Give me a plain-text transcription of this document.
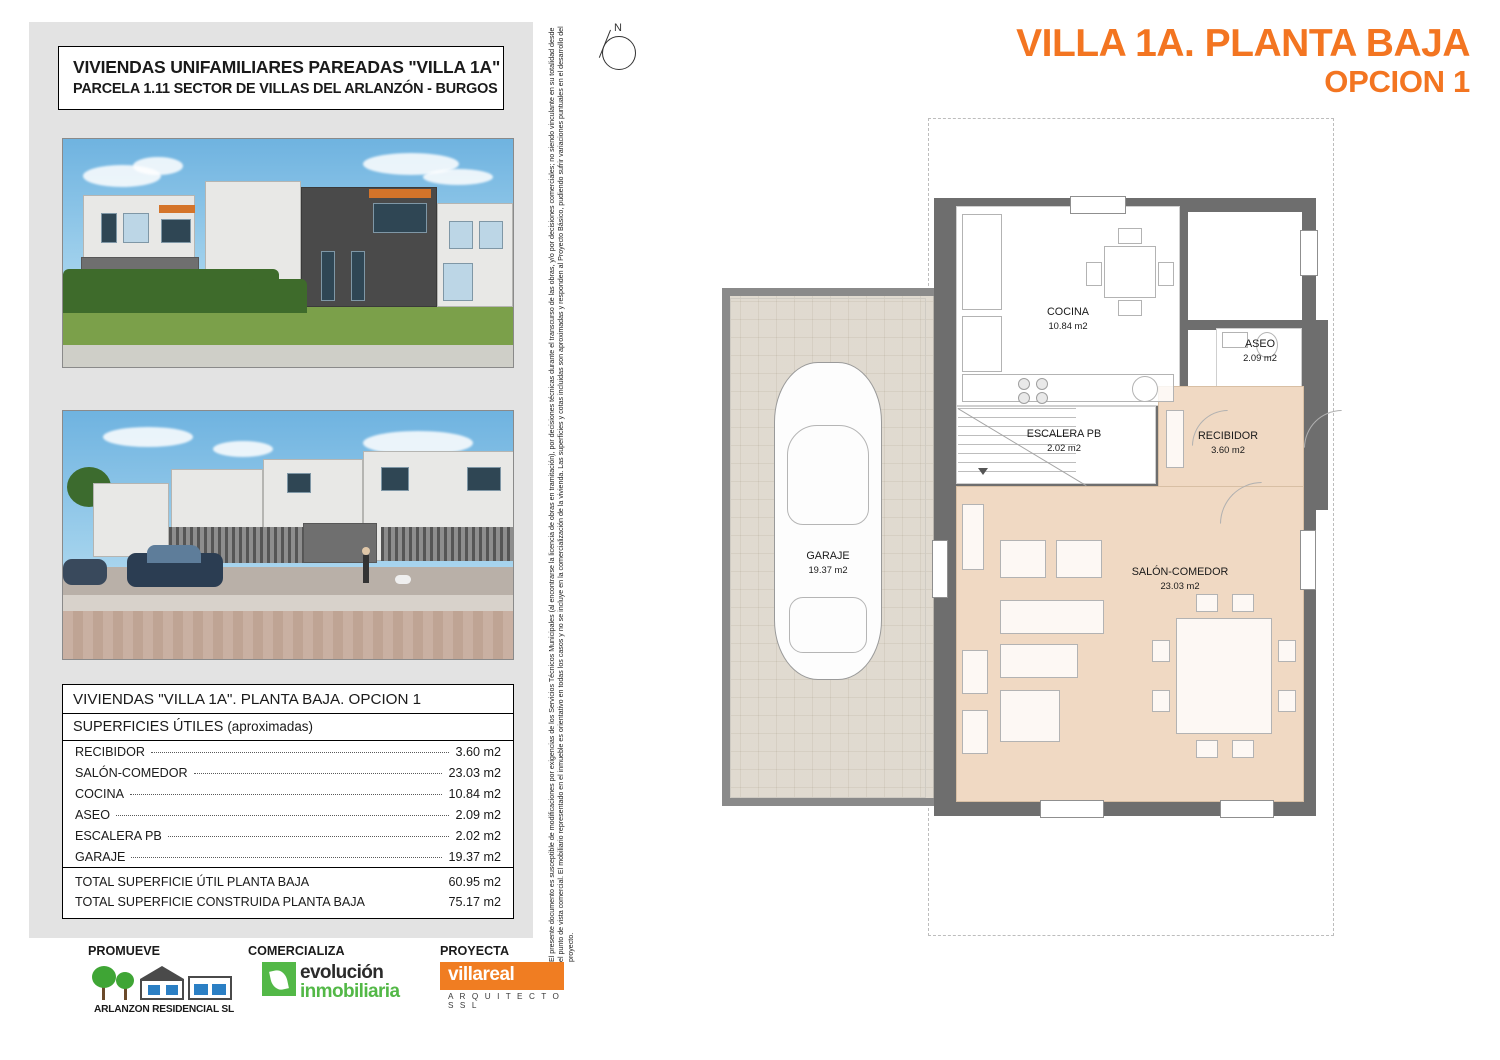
VIVIENDAS UNIFAMILIARES PAREADAS "VILLA 1A"
PARCELA 1.11 SECTOR DE VILLAS DEL ARLANZÓN - BURGOS
VIVIENDAS "VILLA 1A". PLANTA BAJA. OPCION 1
SUPERFICIES ÚTILES (aproximadas)
RECIBIDOR	3.60 m2
SALÓN-COMEDOR	23.03 m2
COCINA	10.84 m2
ASEO	2.09 m2
ESCALERA PB	2.02 m2
GARAJE	19.37 m2
TOTAL SUPERFICIE ÚTIL PLANTA BAJA	60.95 m2
TOTAL SUPERFICIE CONSTRUIDA PLANTA BAJA	75.17 m2
PROMUEVE	COMERCIALIZA	PROYECTA
ARLANZON RESIDENCIAL SL
evolución
inmobiliaria
villareal
A R Q U I T E C T O S S L
El presente documento es susceptible de modificaciones por exigencias de los Servicios Técnicos Municipales (al encontrarse la licencia de obras en tramitación), por decisiones técnicas durante el transcurso de las obras, y/o por decisiones comerciales; no siendo vinculante en su totalidad desde el punto de vista comercial. El mobiliario representado en el inmueble es orientativo en todas los casos y no se incluye en la comercialización de la vivienda. Las superficies y cotas incluidas son aproximadas y responden al Proyecto Básico, pudiendo sufrir variaciones puntuales en el desarrollo del proyecto.
N	VILLA 1A. PLANTA BAJA
OPCION 1
COCINA
10.84 m2
ASEO
2.09 m2
RECIBIDOR
3.60 m2
ESCALERA PB
2.02 m2
SALÓN-COMEDOR
23.03 m2
GARAJE
19.37 m2
